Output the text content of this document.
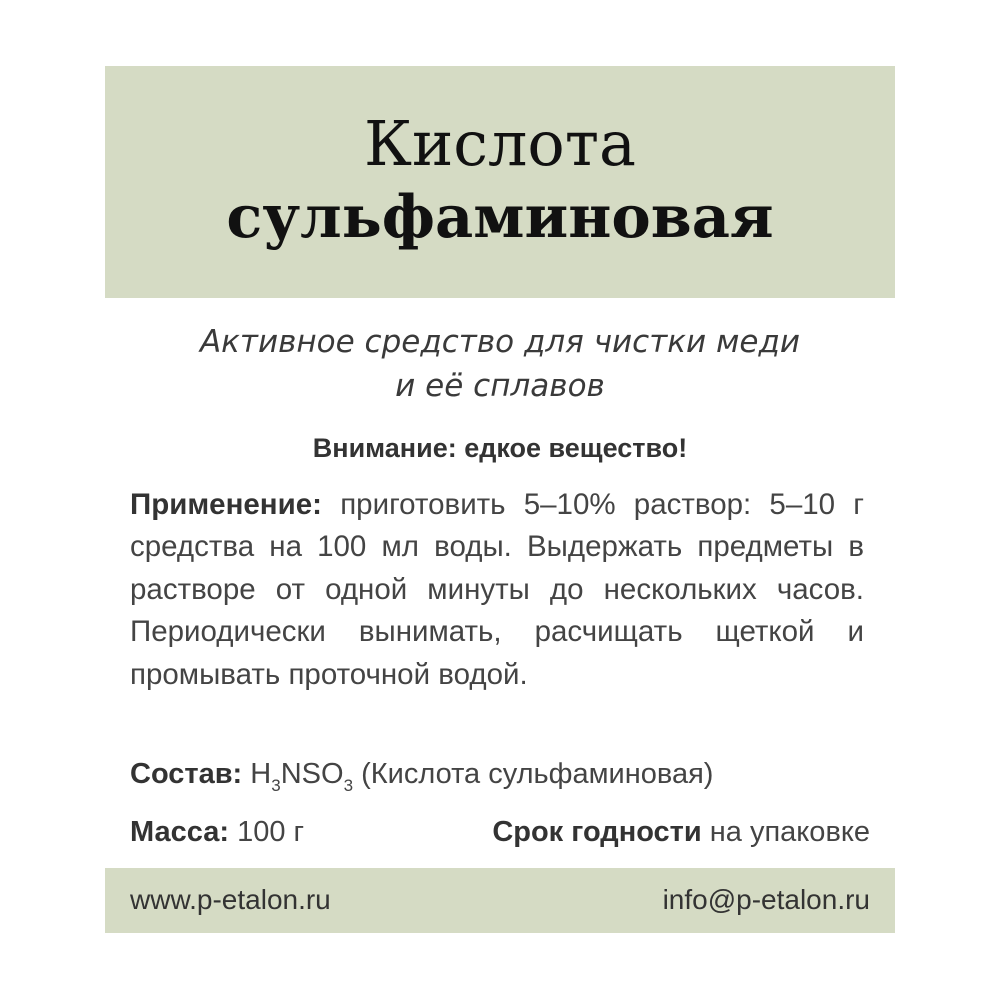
Кислота
сульфаминовая
Активное средство для чистки меди
и её сплавов
Внимание: едкое вещество!
Применение: приготовить 5–10% раствор: 5–10 г средства на 100 мл воды. Выдержать предметы в растворе от одной минуты до нескольких часов. Периодически вынимать, расчищать щеткой и промывать проточной водой.
Состав: $H_3NSO_3$ (Кислота сульфаминовая)
Масса: 100 г	Срок годности на упаковке
www.p-etalon.ru	info@p-etalon.ru
